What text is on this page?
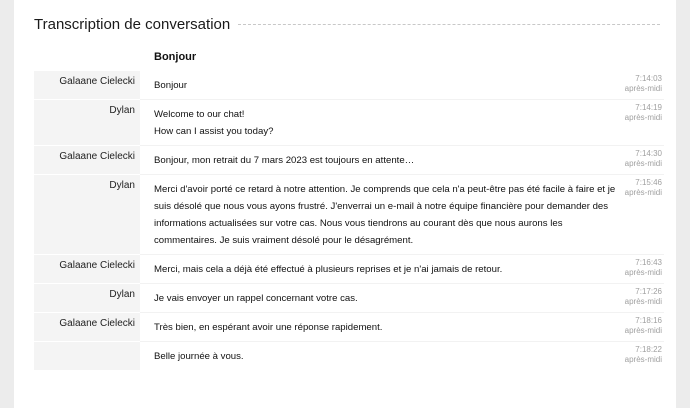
Transcription de conversation
Bonjour
Galaane Cielecki	Bonjour
7:14:03
après-midi
Dylan	Welcome to our chat!
How can I assist you today?
7:14:19
après-midi
Galaane Cielecki	Bonjour, mon retrait du 7 mars 2023 est toujours en attente…
7:14:30
après-midi
Dylan	Merci d'avoir porté ce retard à notre attention. Je comprends que cela n'a peut-être pas été facile à faire et je
suis désolé que nous vous ayons frustré. J'enverrai un e-mail à notre équipe financière pour demander des
informations actualisées sur votre cas. Nous vous tiendrons au courant dès que nous aurons les
commentaires. Je suis vraiment désolé pour le désagrément.
7:15:46
après-midi
Galaane Cielecki	Merci, mais cela a déjà été effectué à plusieurs reprises et je n'ai jamais de retour.
7:16:43
après-midi
Dylan	Je vais envoyer un rappel concernant votre cas.
7:17:26
après-midi
Galaane Cielecki	Très bien, en espérant avoir une réponse rapidement.
7:18:16
après-midi
Belle journée à vous.
7:18:22
après-midi
